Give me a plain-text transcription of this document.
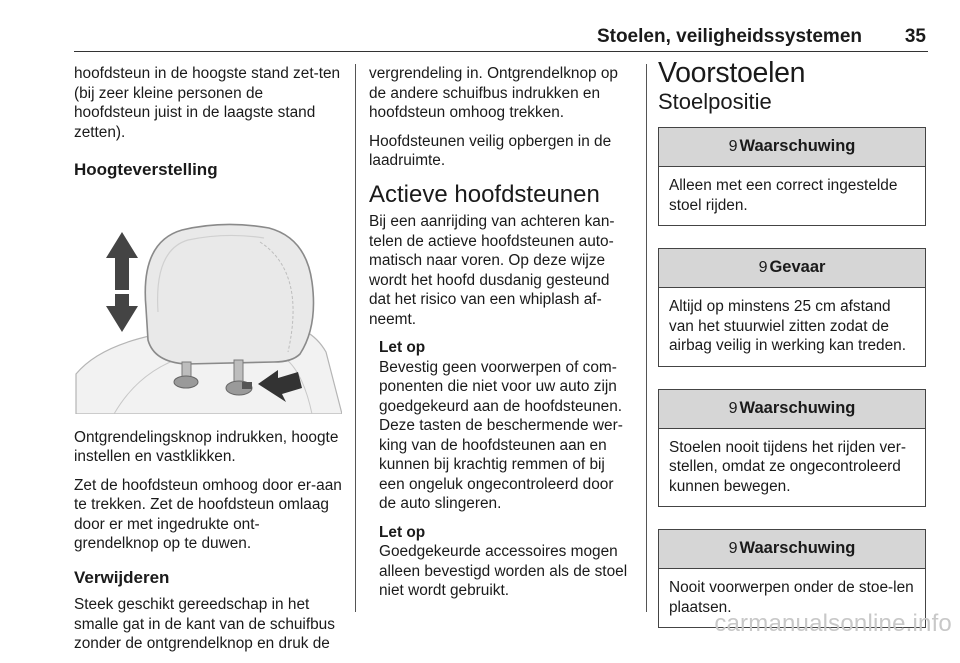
Stoelen, veiligheidssystemen 35

hoofdsteun in de hoogste stand zet-ten (bij zeer kleine personen de hoofdsteun juist in de laagste stand zetten).

Hoogteverstelling

Ontgrendelingsknop indrukken, hoogte instellen en vastklikken.

Zet de hoofdsteun omhoog door er-aan te trekken. Zet de hoofdsteun omlaag door er met ingedrukte ont-grendelknop op te duwen.

Verwijderen

Steek geschikt gereedschap in het smalle gat in de kant van de schuifbus zonder de ontgrendelknop en druk de

vergrendeling in. Ontgrendelknop op de andere schuifbus indrukken en hoofdsteun omhoog trekken.

Hoofdsteunen veilig opbergen in de laadruimte.

Actieve hoofdsteunen

Bij een aanrijding van achteren kan-telen de actieve hoofdsteunen auto-matisch naar voren. Op deze wijze wordt het hoofd dusdanig gesteund dat het risico van een whiplash af-neemt.

Let op
Bevestig geen voorwerpen of com-ponenten die niet voor uw auto zijn goedgekeurd aan de hoofdsteunen. Deze tasten de beschermende wer-king van de hoofdsteunen aan en kunnen bij krachtig remmen of bij een ongeluk ongecontroleerd door de auto slingeren.
Let op
Goedgekeurde accessoires mogen alleen bevestigd worden als de stoel niet wordt gebruikt.
Voorstoelen
Stoelpositie
9 Waarschuwing
Alleen met een correct ingestelde stoel rijden.
9 Gevaar
Altijd op minstens 25 cm afstand van het stuurwiel zitten zodat de airbag veilig in werking kan treden.
9 Waarschuwing
Stoelen nooit tijdens het rijden ver-stellen, omdat ze ongecontroleerd kunnen bewegen.
9 Waarschuwing
Nooit voorwerpen onder de stoe-len plaatsen.
carmanualsonline.info
